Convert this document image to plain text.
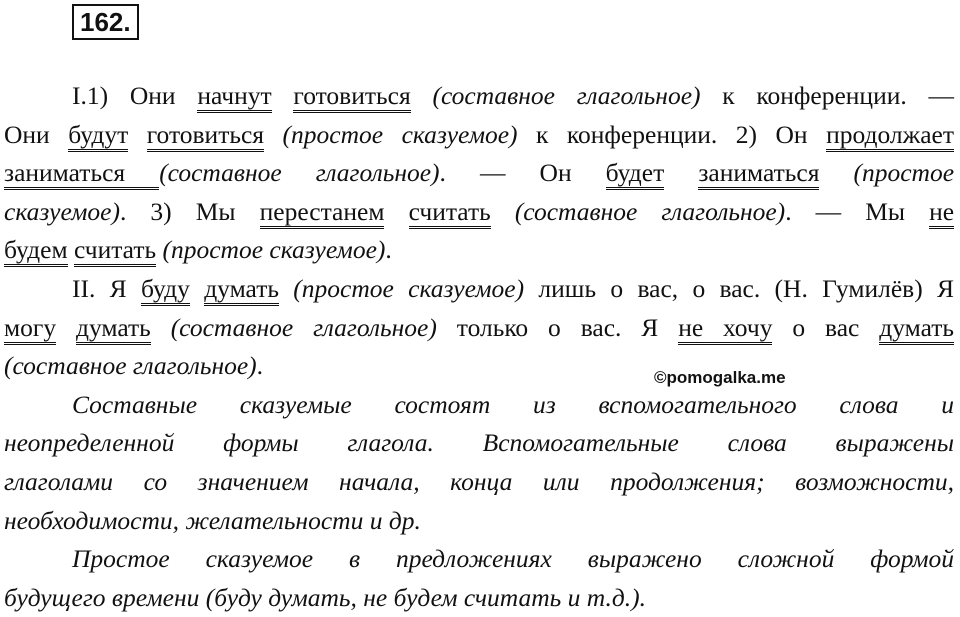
162.
I.1) Они начнут готовиться (составное глагольное) к конференции. —
Они будут готовиться (простое сказуемое) к конференции. 2) Он продолжает
заниматься (составное глагольное). — Он будет заниматься (простое
сказуемое). 3) Мы перестанем считать (составное глагольное). — Мы не
будем считать (простое сказуемое).
II. Я буду думать (простое сказуемое) лишь о вас, о вас. (Н. Гумилёв) Я
могу думать (составное глагольное) только о вас. Я не хочу о вас думать
(составное глагольное).
Составные сказуемые состоят из вспомогательного слова и
неопределенной формы глагола. Вспомогательные слова выражены
глаголами со значением начала, конца или продолжения; возможности,
необходимости, желательности и др.
Простое сказуемое в предложениях выражено сложной формой
будущего времени (буду думать, не будем считать и т.д.).
©pomogalka.me
